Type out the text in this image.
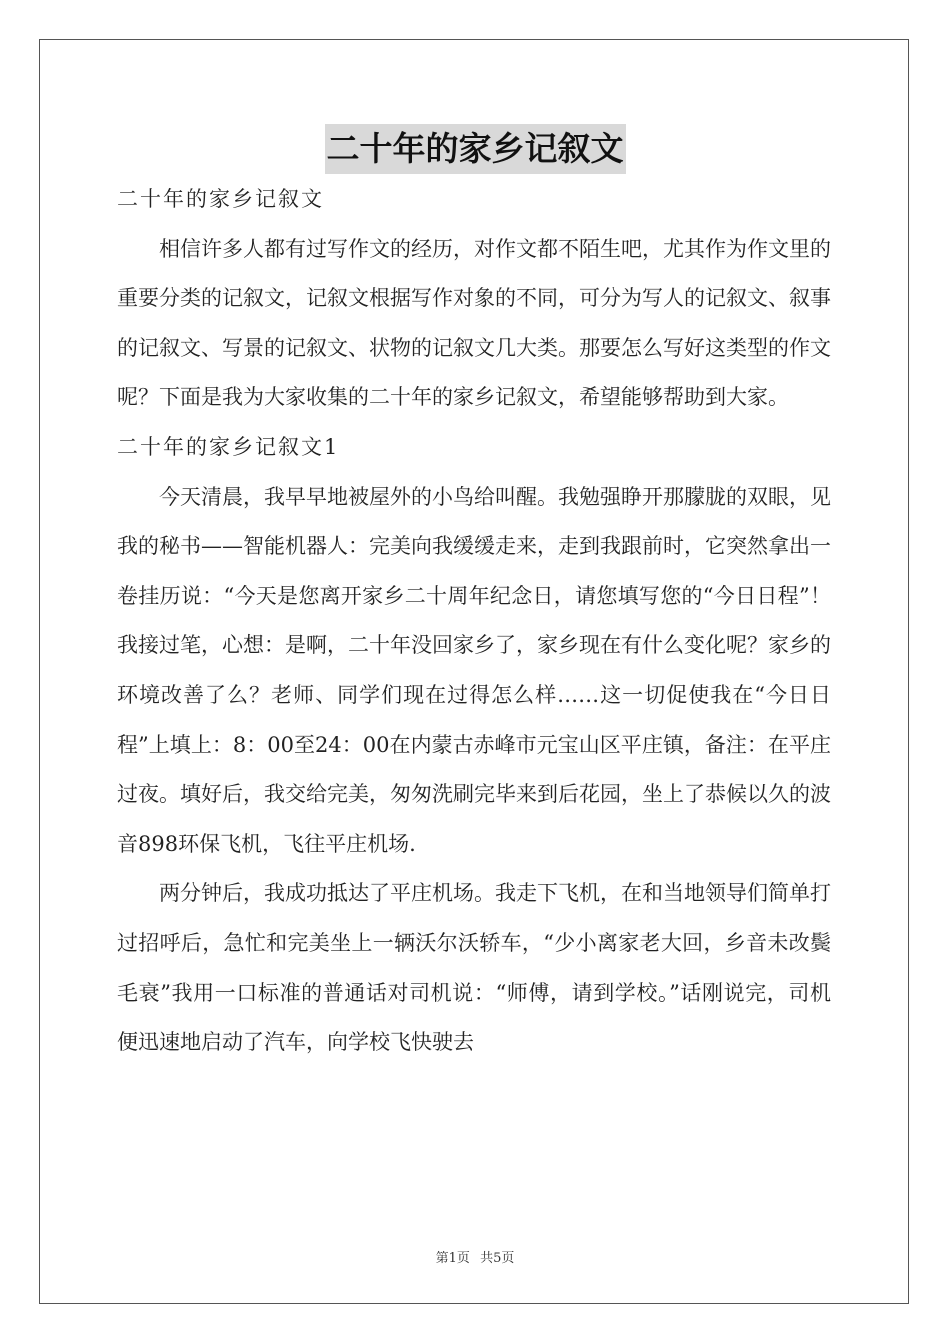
二十年的家乡记叙文

二十年的家乡记叙文

相信许多人都有过写作文的经历，对作文都不陌生吧，尤其作为作文里的重要分类的记叙文，记叙文根据写作对象的不同，可分为写人的记叙文、叙事的记叙文、写景的记叙文、状物的记叙文几大类。那要怎么写好这类型的作文呢？下面是我为大家收集的二十年的家乡记叙文，希望能够帮助到大家。

二十年的家乡记叙文1

今天清晨，我早早地被屋外的小鸟给叫醒。我勉强睁开那朦胧的双眼，见我的秘书——智能机器人：完美向我缓缓走来，走到我跟前时，它突然拿出一卷挂历说：“今天是您离开家乡二十周年纪念日，请您填写您的“今日日程”！我接过笔，心想：是啊，二十年没回家乡了，家乡现在有什么变化呢？家乡的环境改善了么？老师、同学们现在过得怎么样……这一切促使我在“今日日程”上填上：8：00至24：00在内蒙古赤峰市元宝山区平庄镇，备注：在平庄过夜。填好后，我交给完美，匆匆洗刷完毕来到后花园，坐上了恭候以久的波音898环保飞机，飞往平庄机场.

两分钟后，我成功抵达了平庄机场。我走下飞机，在和当地领导们简单打过招呼后，急忙和完美坐上一辆沃尔沃轿车，“少小离家老大回，乡音未改鬓毛衰”我用一口标准的普通话对司机说：“师傅，请到学校。”话刚说完，司机便迅速地启动了汽车，向学校飞快驶去

第1页 共5页
